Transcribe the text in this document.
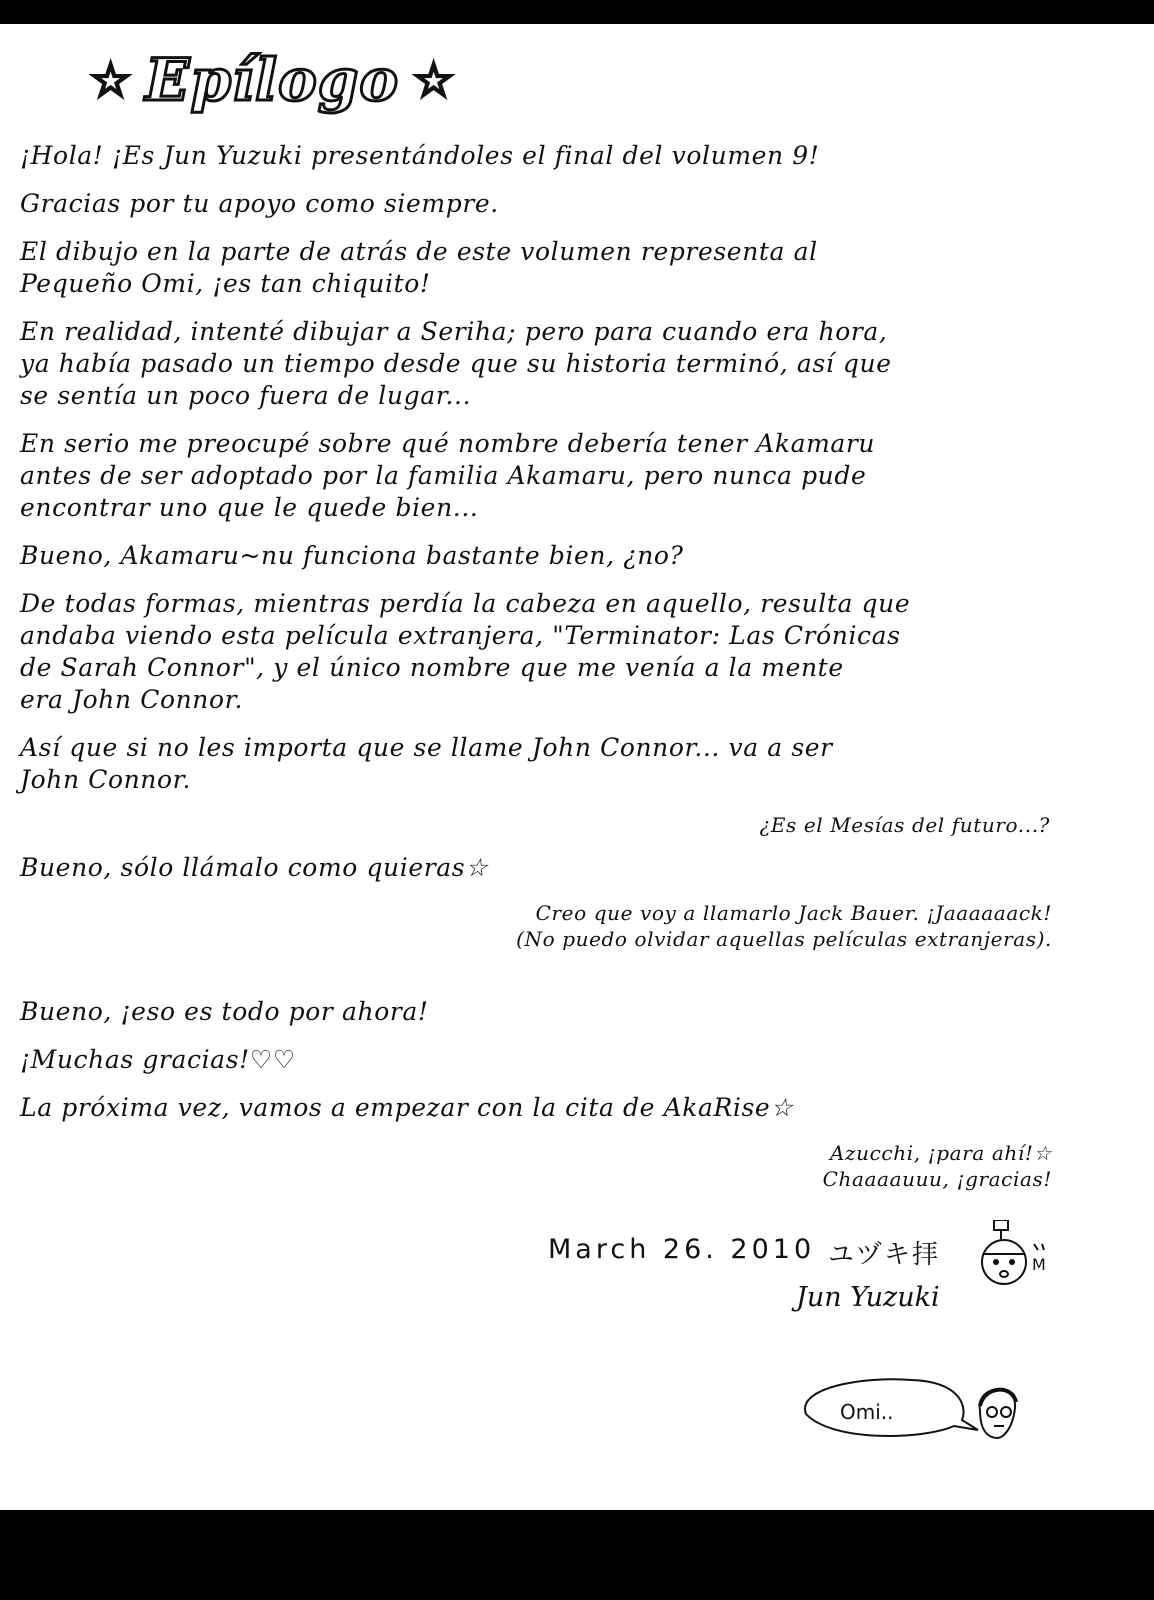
☆ Epílogo ☆

¡Hola! ¡Es Jun Yuzuki presentándoles el final del volumen 9!

Gracias por tu apoyo como siempre.

El dibujo en la parte de atrás de este volumen representa al
Pequeño Omi, ¡es tan chiquito!

En realidad, intenté dibujar a Seriha; pero para cuando era hora,
ya había pasado un tiempo desde que su historia terminó, así que
se sentía un poco fuera de lugar...

En serio me preocupé sobre qué nombre debería tener Akamaru
antes de ser adoptado por la familia Akamaru, pero nunca pude
encontrar uno que le quede bien...

Bueno, Akamaru~nu funciona bastante bien, ¿no?

De todas formas, mientras perdía la cabeza en aquello, resulta que
andaba viendo esta película extranjera, "Terminator: Las Crónicas
de Sarah Connor", y el único nombre que me venía a la mente
era John Connor.

Así que si no les importa que se llame John Connor... va a ser
John Connor.

¿Es el Mesías del futuro...?

Bueno, sólo llámalo como quieras☆

Creo que voy a llamarlo Jack Bauer. ¡Jaaaaaack!
(No puedo olvidar aquellas películas extranjeras).

Bueno, ¡eso es todo por ahora!

¡Muchas gracias!♡♡

La próxima vez, vamos a empezar con la cita de AkaRise☆

Azucchi, ¡para ahí!☆
Chaaaauuu, ¡gracias!
March 26. 2010 ユヅキ拝
Jun Yuzuki
M
Omi..
